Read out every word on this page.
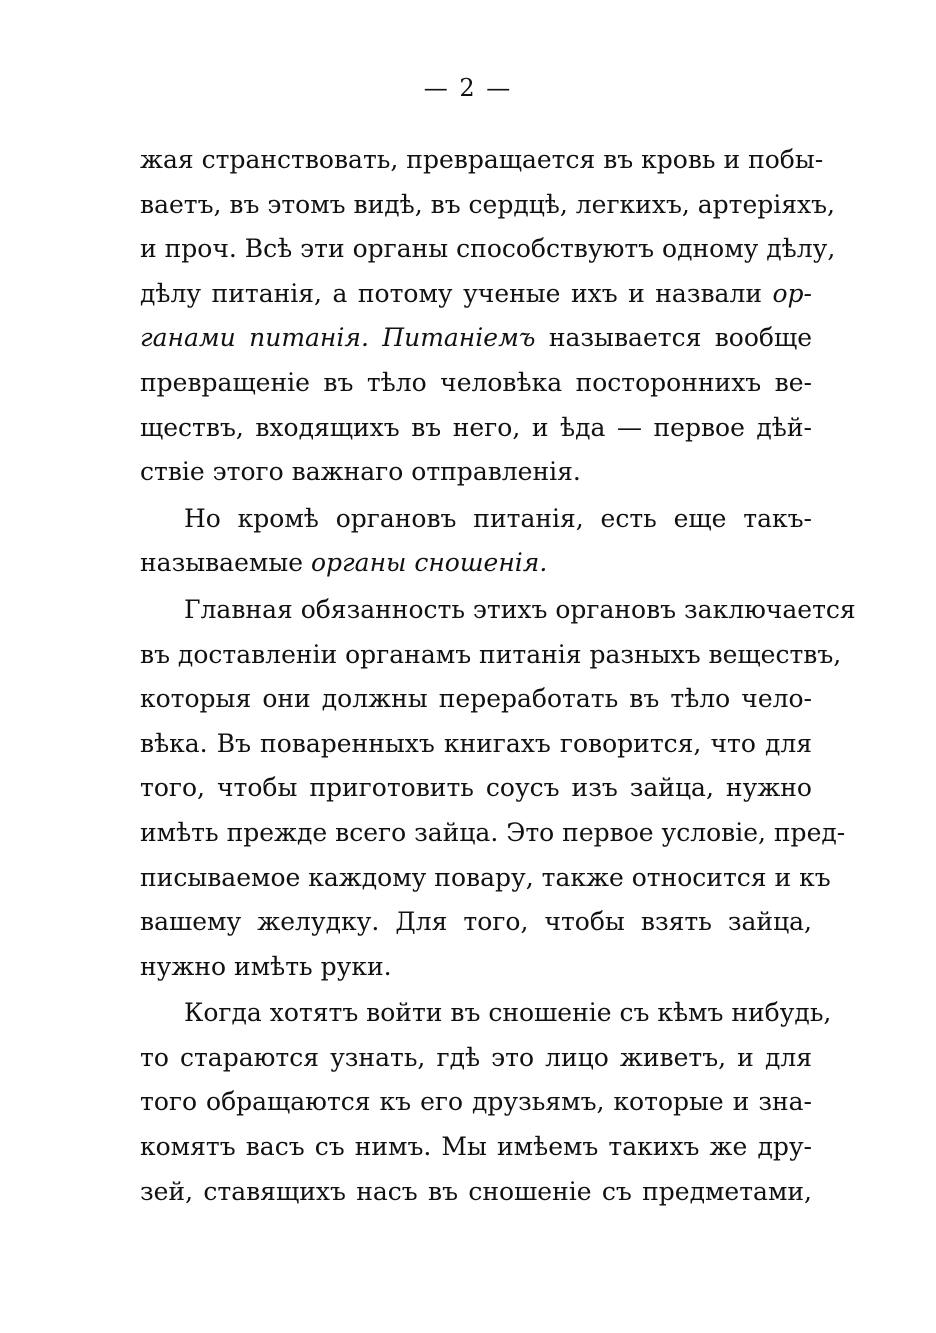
— 2 —
жая странствовать, превращается въ кровь и побы-
ваетъ, въ этомъ видѣ, въ сердцѣ, легкихъ, артеріяхъ,
и проч. Всѣ эти органы способствуютъ одному дѣлу,
дѣлу питанія, а потому ученые ихъ и назвали ор-
ганами питанія. Питаніемъ называется вообще
превращеніе въ тѣло человѣка постороннихъ ве-
ществъ, входящихъ въ него, и ѣда — первое дѣй-
ствіе этого важнаго отправленія.
Но кромѣ органовъ питанія, есть еще такъ-
называемые органы сношенія.
Главная обязанность этихъ органовъ заключается
въ доставленіи органамъ питанія разныхъ веществъ,
которыя они должны переработать въ тѣло чело-
вѣка. Въ поваренныхъ книгахъ говорится, что для
того, чтобы приготовить соусъ изъ зайца, нужно
имѣть прежде всего зайца. Это первое условіе, пред-
писываемое каждому повару, также относится и къ
вашему желудку. Для того, чтобы взять зайца,
нужно имѣть руки.
Когда хотятъ войти въ сношеніе съ кѣмъ нибудь,
то стараются узнать, гдѣ это лицо живетъ, и для
того обращаются къ его друзьямъ, которые и зна-
комятъ васъ съ нимъ. Мы имѣемъ такихъ же дру-
зей, ставящихъ насъ въ сношеніе съ предметами,
